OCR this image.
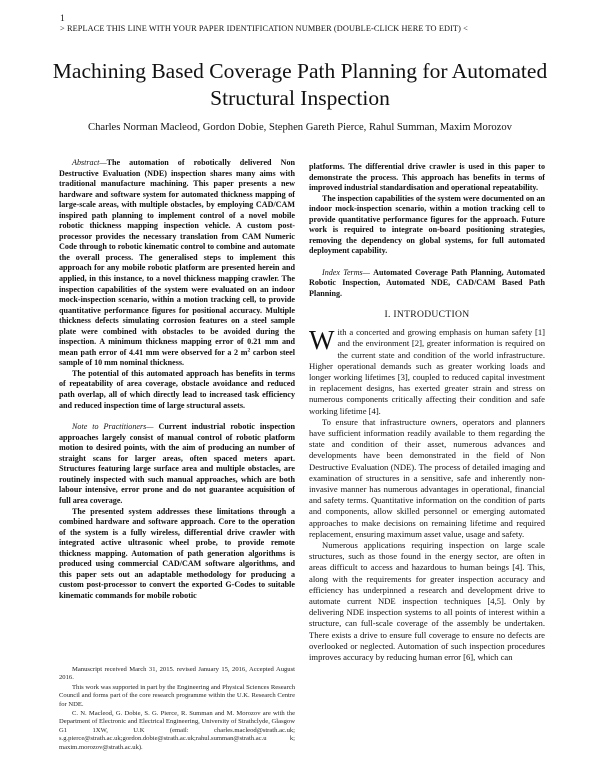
1
> REPLACE THIS LINE WITH YOUR PAPER IDENTIFICATION NUMBER (DOUBLE-CLICK HERE TO EDIT) <
Machining Based Coverage Path Planning for Automated Structural Inspection
Charles Norman Macleod, Gordon Dobie, Stephen Gareth Pierce, Rahul Summan, Maxim Morozov

Abstract—The automation of robotically delivered Non Destructive Evaluation (NDE) inspection shares many aims with traditional manufacture machining. This paper presents a new hardware and software system for automated thickness mapping of large-scale areas, with multiple obstacles, by employing CAD/CAM inspired path planning to implement control of a novel mobile robotic thickness mapping inspection vehicle. A custom post-processor provides the necessary translation from CAM Numeric Code through to robotic kinematic control to combine and automate the overall process. The generalised steps to implement this approach for any mobile robotic platform are presented herein and applied, in this instance, to a novel thickness mapping crawler. The inspection capabilities of the system were evaluated on an indoor mock-inspection scenario, within a motion tracking cell, to provide quantitative performance figures for positional accuracy. Multiple thickness defects simulating corrosion features on a steel sample plate were combined with obstacles to be avoided during the inspection. A minimum thickness mapping error of 0.21 mm and mean path error of 4.41 mm were observed for a 2 $m^2$ carbon steel sample of 10 mm nominal thickness.

The potential of this automated approach has benefits in terms of repeatability of area coverage, obstacle avoidance and reduced path overlap, all of which directly lead to increased task efficiency and reduced inspection time of large structural assets.

Note to Practitioners— Current industrial robotic inspection approaches largely consist of manual control of robotic platform motion to desired points, with the aim of producing an number of straight scans for larger areas, often spaced meters apart. Structures featuring large surface area and multiple obstacles, are routinely inspected with such manual approaches, which are both labour intensive, error prone and do not guarantee acquisition of full area coverage.

The presented system addresses these limitations through a combined hardware and software approach. Core to the operation of the system is a fully wireless, differential drive crawler with integrated active ultrasonic wheel probe, to provide remote thickness mapping. Automation of path generation algorithms is produced using commercial CAD/CAM software algorithms, and this paper sets out an adaptable methodology for producing a custom post-processor to convert the exported G-Codes to suitable kinematic commands for mobile robotic

Manuscript received March 31, 2015. revised January 15, 2016, Accepted August 2016.

This work was supported in part by the Engineering and Physical Sciences Research Council and forms part of the core research programme within the U.K. Research Centre for NDE.

C. N. Macleod, G. Dobie, S. G. Pierce, R. Summan and M. Morozov are with the Department of Electronic and Electrical Engineering, University of Strathclyde, Glasgow G1 1XW, U.K (email: charles.macleod@strath.ac.uk; s.g.pierce@strath.ac.uk;gordon.dobie@strath.ac.uk;rahul.summan@strath.ac.u k; maxim.morozov@strath.ac.uk).

platforms. The differential drive crawler is used in this paper to demonstrate the process. This approach has benefits in terms of improved industrial standardisation and operational repeatability.

The inspection capabilities of the system were documented on an indoor mock-inspection scenario, within a motion tracking cell to provide quantitative performance figures for the approach. Future work is required to integrate on-board positioning strategies, removing the dependency on global systems, for full automated deployment capability.

Index Terms— Automated Coverage Path Planning, Automated Robotic Inspection, Automated NDE, CAD/CAM Based Path Planning.

I. INTRODUCTION

With a concerted and growing emphasis on human safety [1] and the environment [2], greater information is required on the current state and condition of the world infrastructure. Higher operational demands such as greater working loads and longer working lifetimes [3], coupled to reduced capital investment in replacement designs, has exerted greater strain and stress on numerous components critically affecting their condition and safe working lifetime [4].

To ensure that infrastructure owners, operators and planners have sufficient information readily available to them regarding the state and condition of their asset, numerous advances and developments have been demonstrated in the field of Non Destructive Evaluation (NDE). The process of detailed imaging and examination of structures in a sensitive, safe and inherently non-invasive manner has numerous advantages in operational, financial and safety terms. Quantitative information on the condition of parts and components, allow skilled personnel or emerging automated approaches to make decisions on remaining lifetime and required replacement, ensuring maximum asset value, usage and safety.

Numerous applications requiring inspection on large scale structures, such as those found in the energy sector, are often in areas difficult to access and hazardous to human beings [4]. This, along with the requirements for greater inspection accuracy and efficiency has underpinned a research and development drive to automate current NDE inspection techniques [4,5]. Only by delivering NDE inspection systems to all points of interest within a structure, can full-scale coverage of the assembly be undertaken. There exists a drive to ensure full coverage to ensure no defects are overlooked or neglected. Automation of such inspection procedures improves accuracy by reducing human error [6], which can
